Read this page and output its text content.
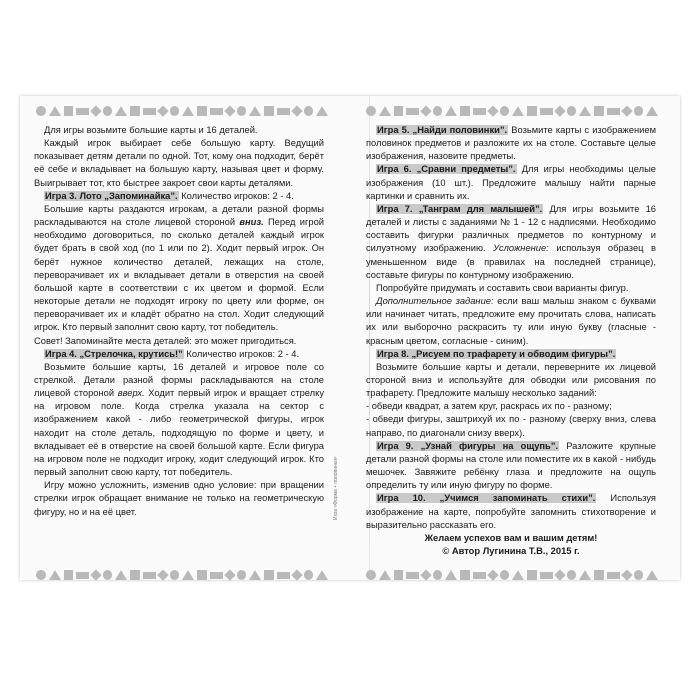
Для игры возьмите большие карты и 16 деталей.

Каждый игрок выбирает себе большую карту. Ведущий показывает детям детали по одной. Тот, кому она подходит, берёт её себе и вкладывает на большую карту, называя цвет и форму. Выигрывает тот, кто быстрее закроет свои карты деталями.

Игра 3. Лото „Запоминайка”. Количество игроков: 2 - 4.

Большие карты раздаются игрокам, а детали разной формы раскладываются на столе лицевой стороной вниз. Перед игрой необходимо договориться, по сколько деталей каждый игрок будет брать в свой ход (по 1 или по 2). Ходит первый игрок. Он берёт нужное количество деталей, лежащих на столе, переворачивает их и вкладывает детали в отверстия на своей большой карте в соответствии с их цветом и формой. Если некоторые детали не подходят игроку по цвету или форме, он переворачивает их и кладёт обратно на стол. Ходит следующий игрок. Кто первый заполнит свою карту, тот победитель.

Совет! Запоминайте места деталей: это может пригодиться.

Игра 4. „Стрелочка, крутись!” Количество игроков: 2 - 4.

Возьмите большие карты, 16 деталей и игровое поле со стрелкой. Детали разной формы раскладываются на столе лицевой стороной вверх. Ходит первый игрок и вращает стрелку на игровом поле. Когда стрелка указала на сектор с изображением какой - либо геометрической фигуры, игрок находит на столе деталь, подходящую по форме и цвету, и вкладывает её в отверстие на своей большой карте. Если фигура на игровом поле не подходит игроку, ходит следующий игрок. Кто первый заполнит свою карту, тот победитель.

Игру можно усложнить, изменив одно условие: при вращении стрелки игрок обращает внимание не только на геометрическую фигуру, но и на её цвет.

Игра 5. „Найди половинки”. Возьмите карты с изображением половинок предметов и разложите их на столе. Составьте целые изображения, назовите предметы.

Игра 6. „Сравни предметы”. Для игры необходимы целые изображения (10 шт.). Предложите малышу найти парные картинки и сравнить их.

Игра 7. „Танграм для малышей”. Для игры возьмите 16 деталей и листы с заданиями № 1 - 12 с надписями. Необходимо составить фигурки различных предметов по контурному и силуэтному изображению. Усложнение: используя образец в уменьшенном виде (в правилах на последней странице), составьте фигуры по контурному изображению.

Попробуйте придумать и составить свои варианты фигур.

Дополнительное задание: если ваш малыш знаком с буквами или начинает читать, предложите ему прочитать слова, написать их или выборочно раскрасить ту или иную букву (гласные - красным цветом, согласные - синим).

Игра 8. „Рисуем по трафарету и обводим фигуры”.

Возьмите большие карты и детали, переверните их лицевой стороной вниз и используйте для обводки или рисования по трафарету. Предложите малышу несколько заданий:

- обведи квадрат, а затем круг, раскрась их по - разному;

- обведи фигуры, заштрихуй их по - разному (сверху вниз, слева направо, по диагонали снизу вверх).

Игра 9. „Узнай фигуры на ощупь”. Разложите крупные детали разной формы на столе или поместите их в какой - нибудь мешочек. Завяжите ребёнку глаза и предложите на ощупь определить ту или иную фигуру по форме.

Игра 10. „Учимся запоминать стихи”. Используя изображение на карте, попробуйте запомнить стихотворение и выразительно рассказать его.

Желаем успехов вам и вашим детям!

© Автор Лугинина Т.В., 2015 г.

Игра «Форма + половинки»
